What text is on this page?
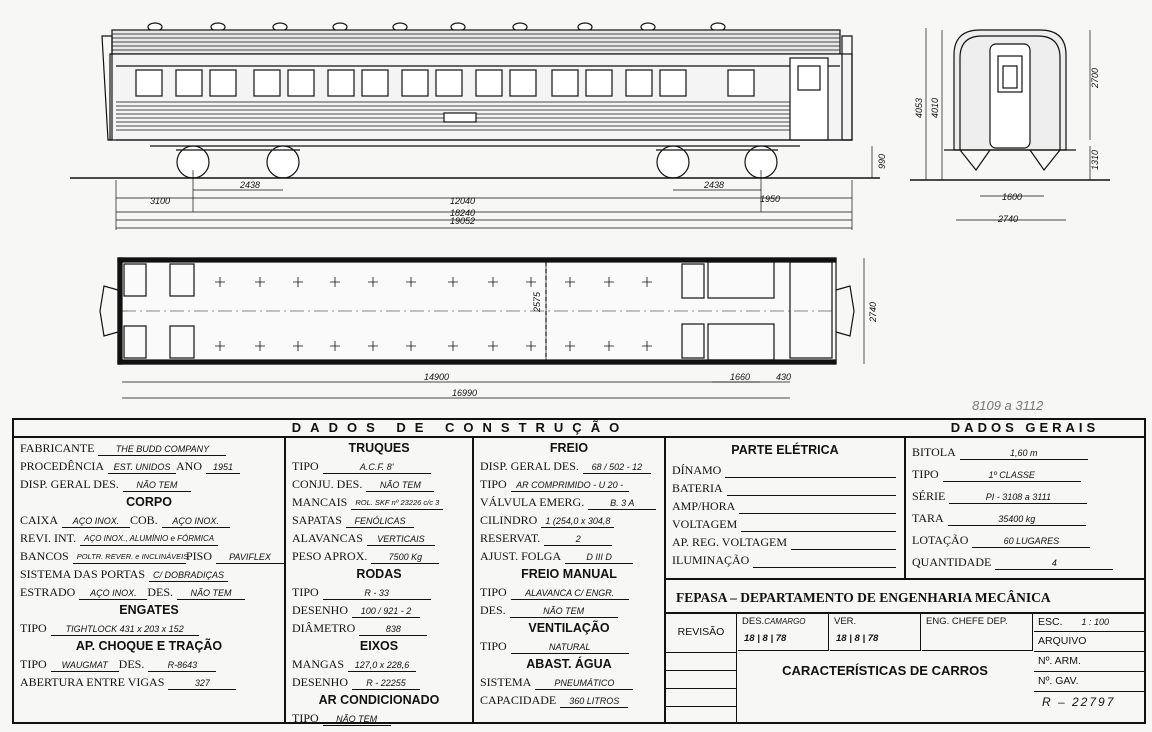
3100
2438
12040
18240
19052
2438
1950
990
4053 4010
2700
1310
1600
2740
2575	2740
14900
16990
1660	430
8109 a 3112
DADOS DE CONSTRUÇÃO	DADOS GERAIS
FABRICANTE	THE BUDD COMPANY
PROCEDÊNCIA	EST. UNIDOS ANO	1951
DISP. GERAL DES.	NÃO TEM
CORPO
CAIXA	AÇO INOX. COB.	AÇO INOX.
REVI. INT.	AÇO INOX., ALUMÍNIO e FÓRMICA
BANCOS	POLTR. REVER. e INCLINÁVEIS
PISO	PAVIFLEX
SISTEMA DAS PORTAS C/ DOBRADIÇAS
ESTRADO	AÇO INOX. DES.	NÃO TEM
ENGATES
TIPO	TIGHTLOCK 431 x 203 x 152
AP. CHOQUE E TRAÇÃO
TIPO	WAUGMAT DES.	R-8643
ABERTURA ENTRE VIGAS	327
TRUQUES
TIPO	A.C.F. 8'
CONJU. DES.	NÃO TEM
MANCAIS	ROL. SKF nº 23226 c/c 3
SAPATAS	FENÓLICAS
ALAVANCAS	VERTICAIS
PESO APROX.	7500 Kg
RODAS
TIPO	R - 33
DESENHO	100 / 921 - 2
DIÂMETRO	838
EIXOS
MANGAS	127,0 x 228,6
DESENHO	R - 22255
AR CONDICIONADO
TIPO	NÃO TEM
FREIO
DISP. GERAL DES.	68 / 502 - 12
TIPO	AR COMPRIMIDO - U 20 -
VÁLVULA EMERG.	B. 3 A
CILINDRO 1 (254,0 x 304,8
RESERVAT.	2
AJUST. FOLGA	D III D
FREIO MANUAL
TIPO	ALAVANCA C/ ENGR.
DES.	NÃO TEM
VENTILAÇÃO
TIPO	NATURAL
ABAST. ÁGUA
SISTEMA	PNEUMÁTICO
CAPACIDADE	360 LITROS
PARTE ELÉTRICA
DÍNAMO
BATERIA
AMP/HORA
VOLTAGEM
AP. REG. VOLTAGEM
ILUMINAÇÃO
BITOLA	1,60 m
TIPO	1º CLASSE
SÉRIE	PI - 3108 a 3111
TARA	35400 kg
LOTAÇÃO	60 LUGARES
QUANTIDADE	4
FEPASA – DEPARTAMENTO DE ENGENHARIA MECÂNICA
REVISÃO
DES.CAMARGO
18 | 8 | 78
VER.
18 | 8 | 78
ENG. CHEFE DEP.
CARACTERÍSTICAS DE CARROS
ESC. 1 : 100
ARQUIVO
Nº. ARM.
Nº. GAV.
R – 22797
